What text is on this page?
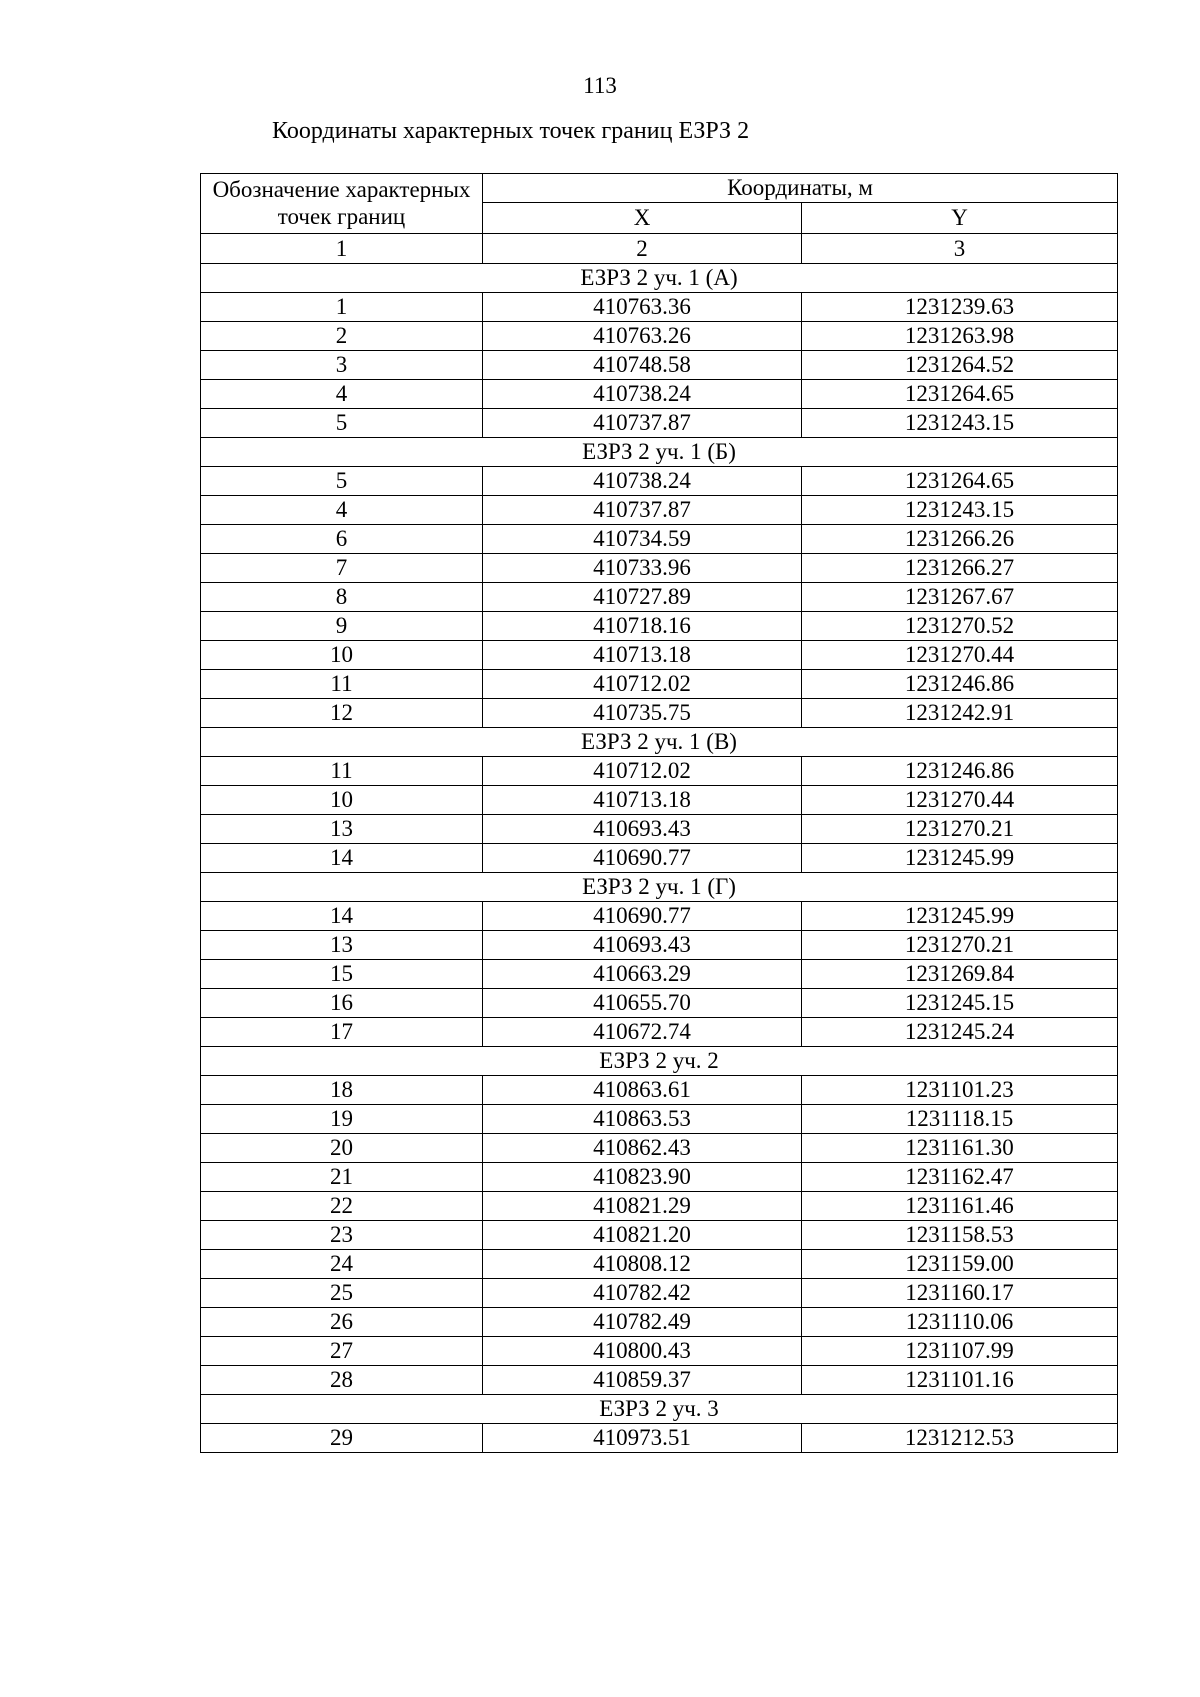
113
Координаты характерных точек границ ЕЗРЗ 2
Обозначение характерных точек границ	Координаты, м	
	X	Y
1	2	3
ЕЗРЗ 2 уч. 1 (А)		
1	410763.36	1231239.63
2	410763.26	1231263.98
3	410748.58	1231264.52
4	410738.24	1231264.65
5	410737.87	1231243.15
ЕЗРЗ 2 уч. 1 (Б)		
5	410738.24	1231264.65
4	410737.87	1231243.15
6	410734.59	1231266.26
7	410733.96	1231266.27
8	410727.89	1231267.67
9	410718.16	1231270.52
10	410713.18	1231270.44
11	410712.02	1231246.86
12	410735.75	1231242.91
ЕЗРЗ 2 уч. 1 (В)		
11	410712.02	1231246.86
10	410713.18	1231270.44
13	410693.43	1231270.21
14	410690.77	1231245.99
ЕЗРЗ 2 уч. 1 (Г)		
14	410690.77	1231245.99
13	410693.43	1231270.21
15	410663.29	1231269.84
16	410655.70	1231245.15
17	410672.74	1231245.24
ЕЗРЗ 2 уч. 2		
18	410863.61	1231101.23
19	410863.53	1231118.15
20	410862.43	1231161.30
21	410823.90	1231162.47
22	410821.29	1231161.46
23	410821.20	1231158.53
24	410808.12	1231159.00
25	410782.42	1231160.17
26	410782.49	1231110.06
27	410800.43	1231107.99
28	410859.37	1231101.16
ЕЗРЗ 2 уч. 3		
29	410973.51	1231212.53
